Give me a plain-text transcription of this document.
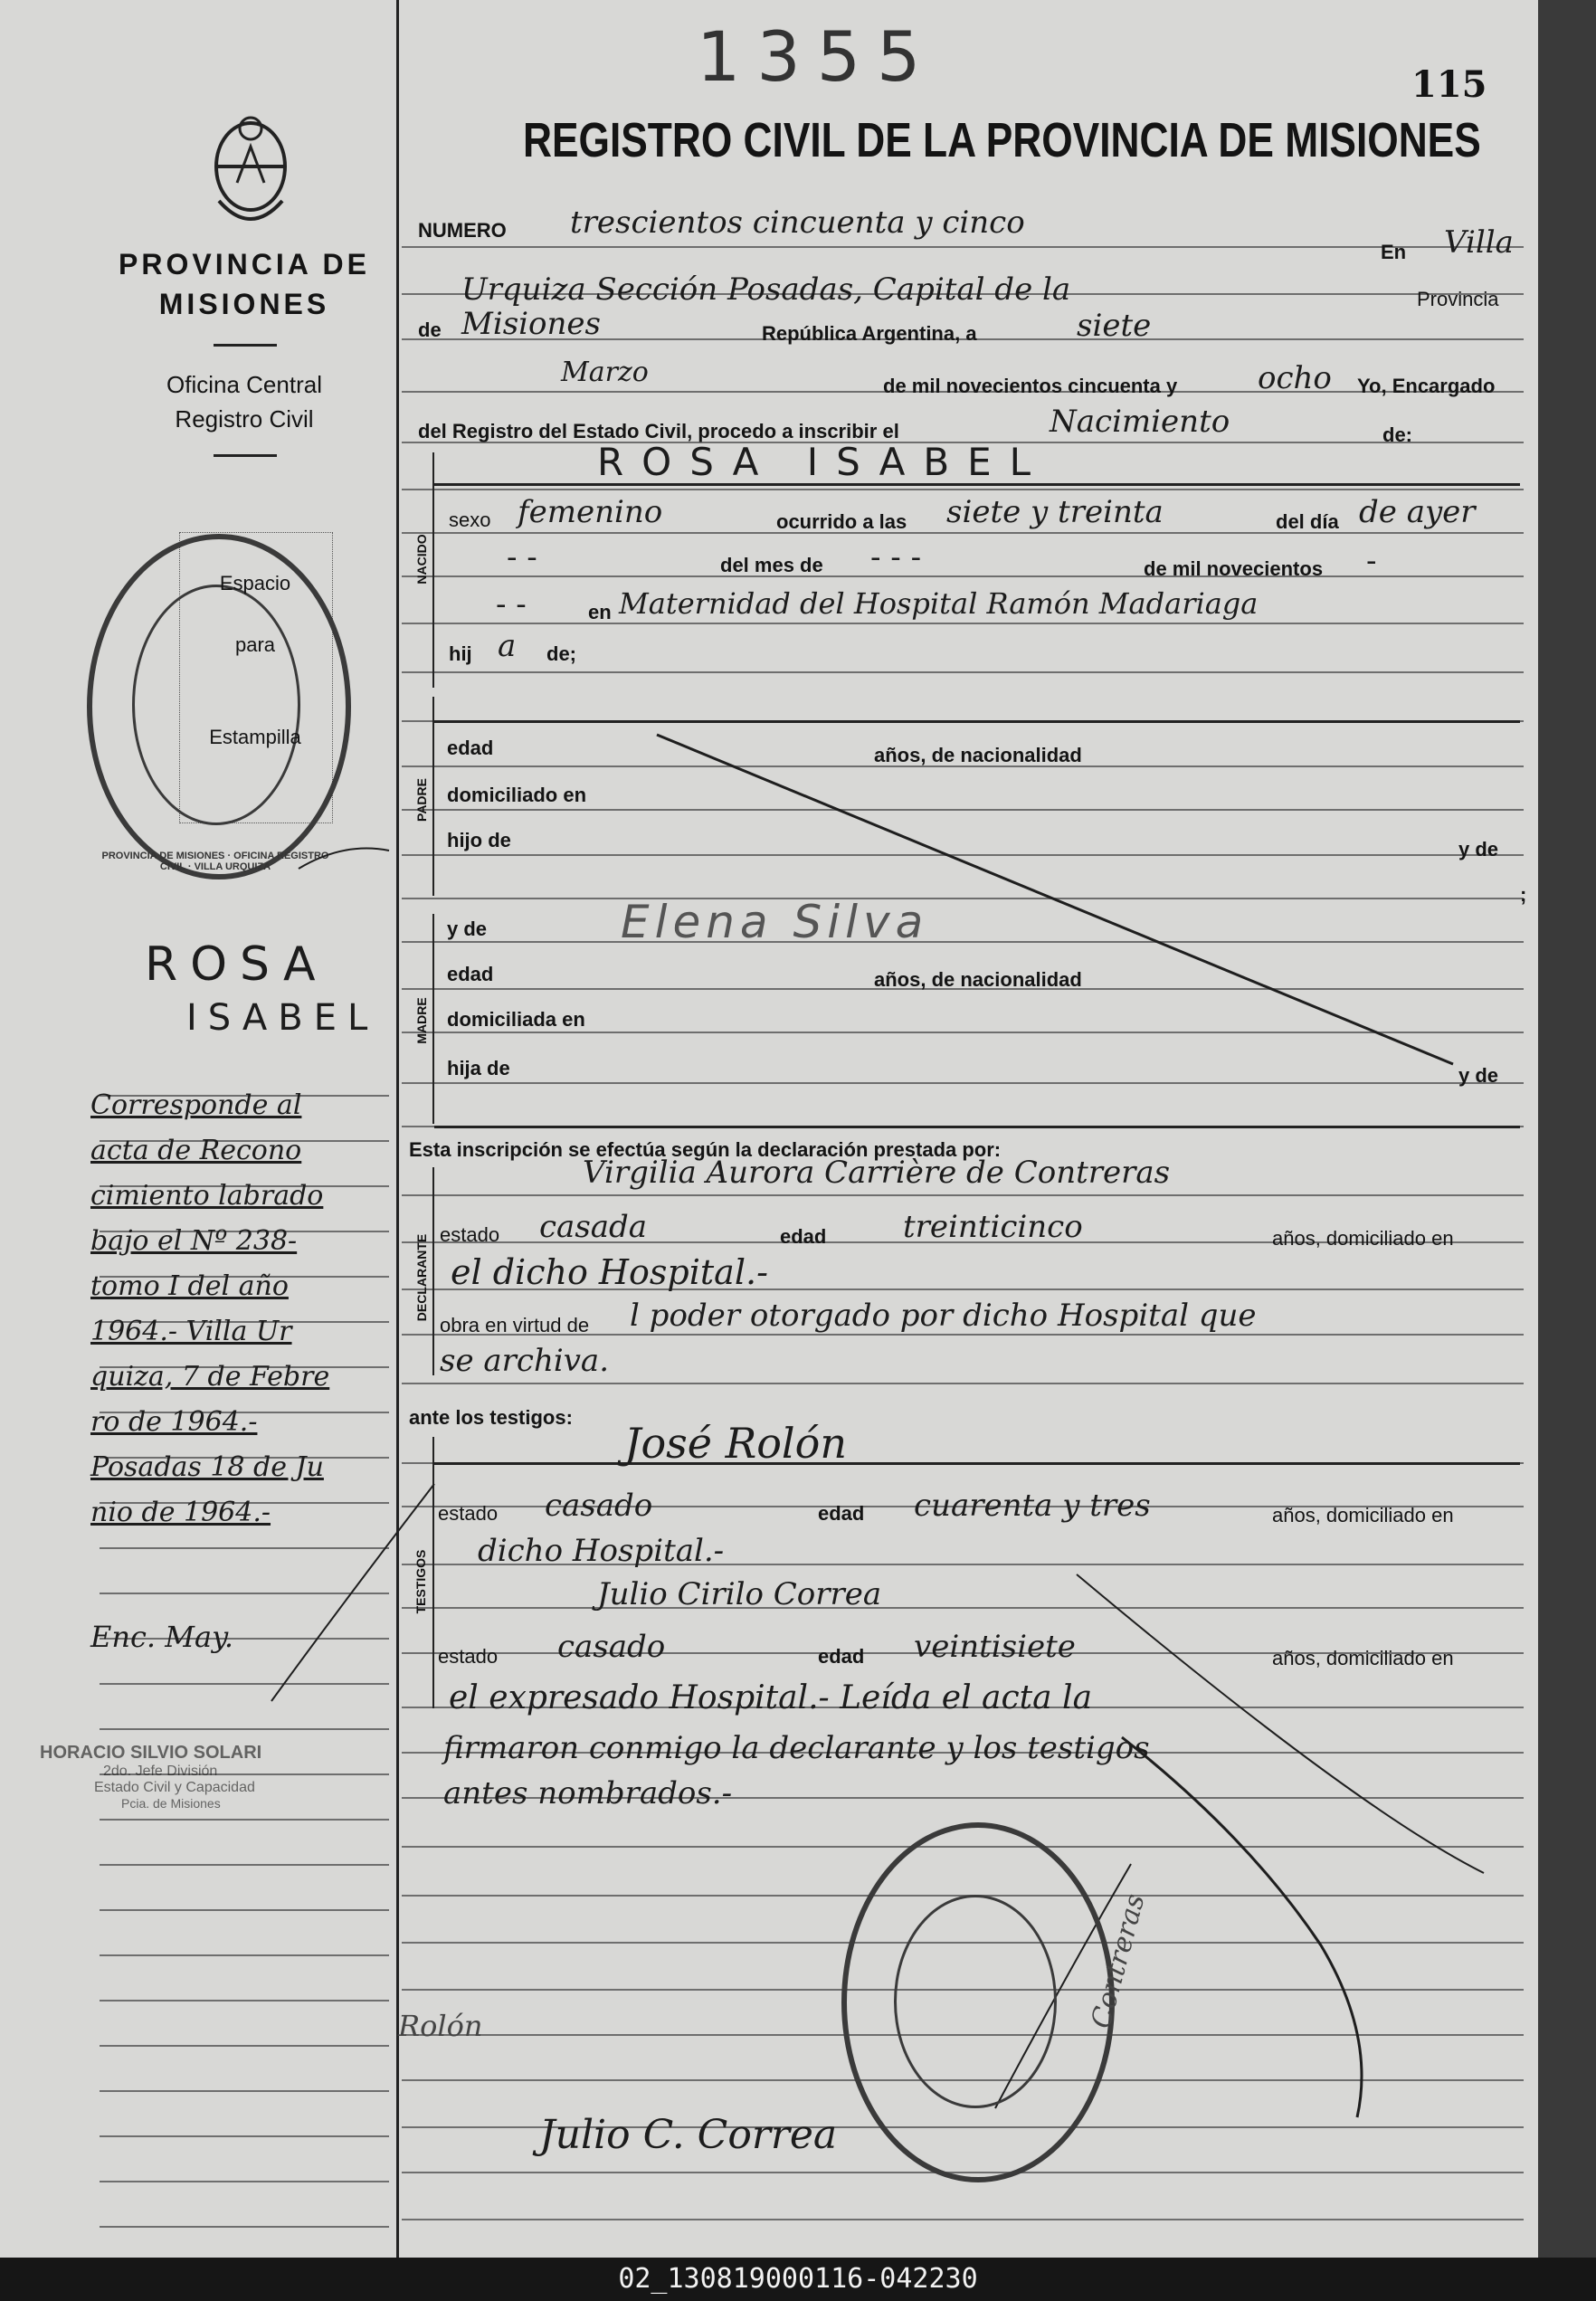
PROVINCIA DE MISIONES
Oficina Central
Registro Civil
Espacio
para
Estampilla
PROVINCIA DE MISIONES · OFICINA REGISTRO CIVIL · VILLA URQUIZA
ROSA
ISABEL
Corresponde al
acta de Recono
cimiento labrado
bajo el Nº 238-
tomo I del año
1964.- Villa Ur
quiza, 7 de Febre
ro de 1964.-
Posadas 18 de Ju
nio de 1964.-
Enc. May.
HORACIO SILVIO SOLARI
2do. Jefe División
Estado Civil y Capacidad
Pcia. de Misiones
1355	115
REGISTRO CIVIL DE LA PROVINCIA DE MISIONES
NACIDO
PADRE
MADRE
DECLARANTE
TESTIGOS
NUMERO trescientos cincuenta y cinco
En Villa
Urquiza Sección Posadas, Capital de la	Provincia
de Misiones	República Argentina, a	siete
Marzo	de mil novecientos cincuenta y	ocho Yo, Encargado
del Registro del Estado Civil, procedo a inscribir el	Nacimiento	de:
ROSA ISABEL
sexo femenino	ocurrido a las siete y treinta	del día de ayer
- -	del mes de - - -	de mil novecientos -
- -	en Maternidad del Hospital Ramón Madariaga
hij a de;
edad	años, de nacionalidad
domiciliado en
hijo de	y de
;
y de	Elena Silva
edad	años, de nacionalidad
domiciliada en
hija de	y de
Esta inscripción se efectúa según la declaración prestada por:
Virgilia Aurora Carrière de Contreras
estado casada	edad treinticinco	años, domiciliado en
el dicho Hospital.-
obra en virtud de l poder otorgado por dicho Hospital que
se archiva.
ante los testigos:
José Rolón
estado casado	edad cuarenta y tres	años, domiciliado en
dicho Hospital.-
Julio Cirilo Correa
estado casado	edad veintisiete	años, domiciliado en
el expresado Hospital.- Leída el acta la
firmaron conmigo la declarante y los testigos
antes nombrados.-
Julio C. Correa
Contreras
Rolón
02_130819000116-042230
